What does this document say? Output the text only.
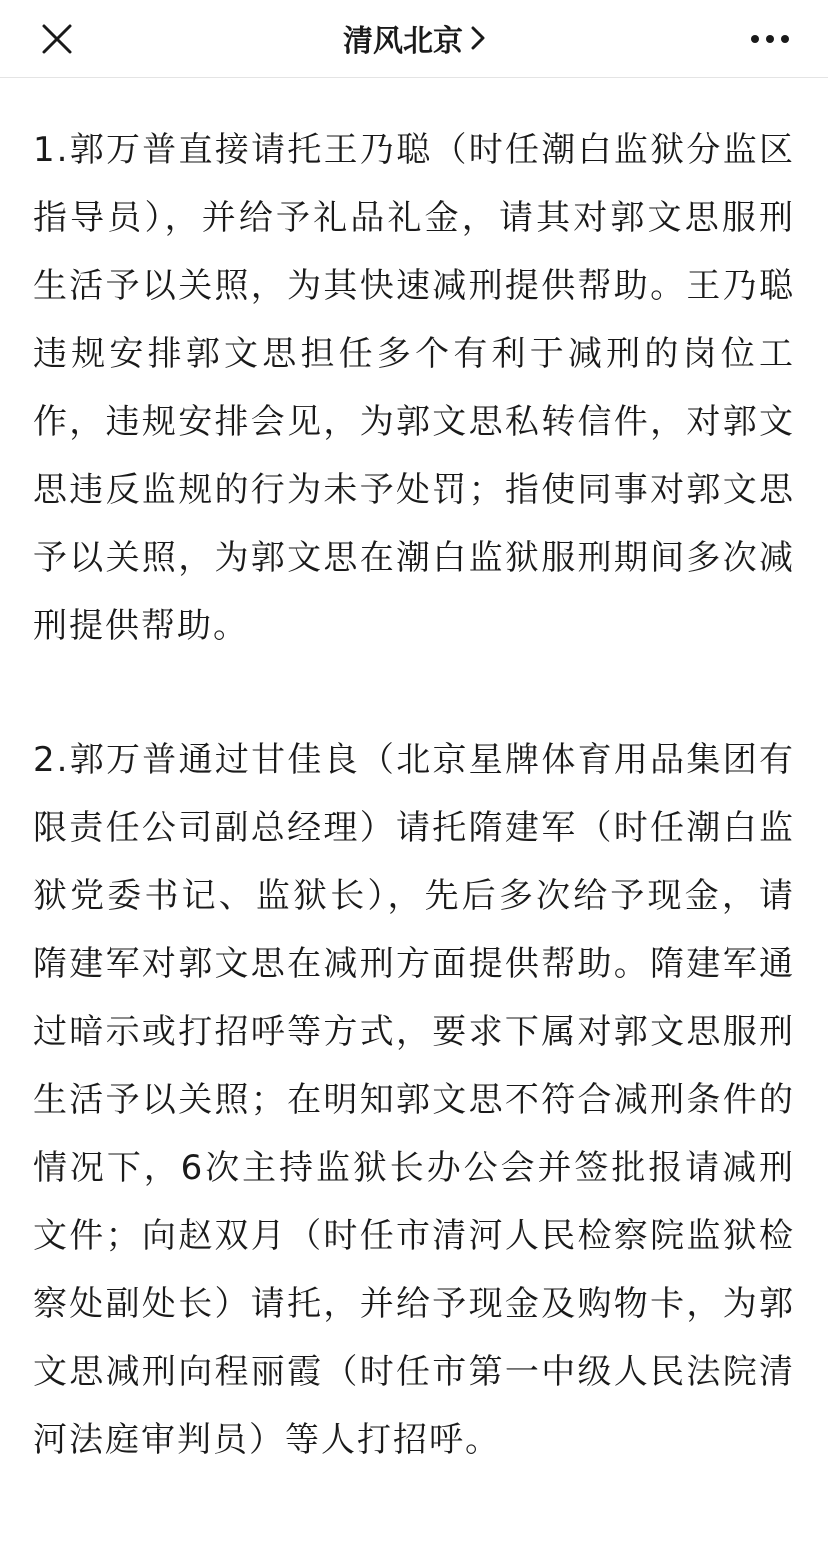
清风北京

1.郭万普直接请托王乃聪（时任潮白监狱分监区指导员），并给予礼品礼金，请其对郭文思服刑生活予以关照，为其快速减刑提供帮助。王乃聪违规安排郭文思担任多个有利于减刑的岗位工作，违规安排会见，为郭文思私转信件，对郭文思违反监规的行为未予处罚；指使同事对郭文思予以关照，为郭文思在潮白监狱服刑期间多次减刑提供帮助。

2.郭万普通过甘佳良（北京星牌体育用品集团有限责任公司副总经理）请托隋建军（时任潮白监狱党委书记、监狱长），先后多次给予现金，请隋建军对郭文思在减刑方面提供帮助。隋建军通过暗示或打招呼等方式，要求下属对郭文思服刑生活予以关照；在明知郭文思不符合减刑条件的情况下，6次主持监狱长办公会并签批报请减刑文件；向赵双月（时任市清河人民检察院监狱检察处副处长）请托，并给予现金及购物卡，为郭文思减刑向程丽霞（时任市第一中级人民法院清河法庭审判员）等人打招呼。
